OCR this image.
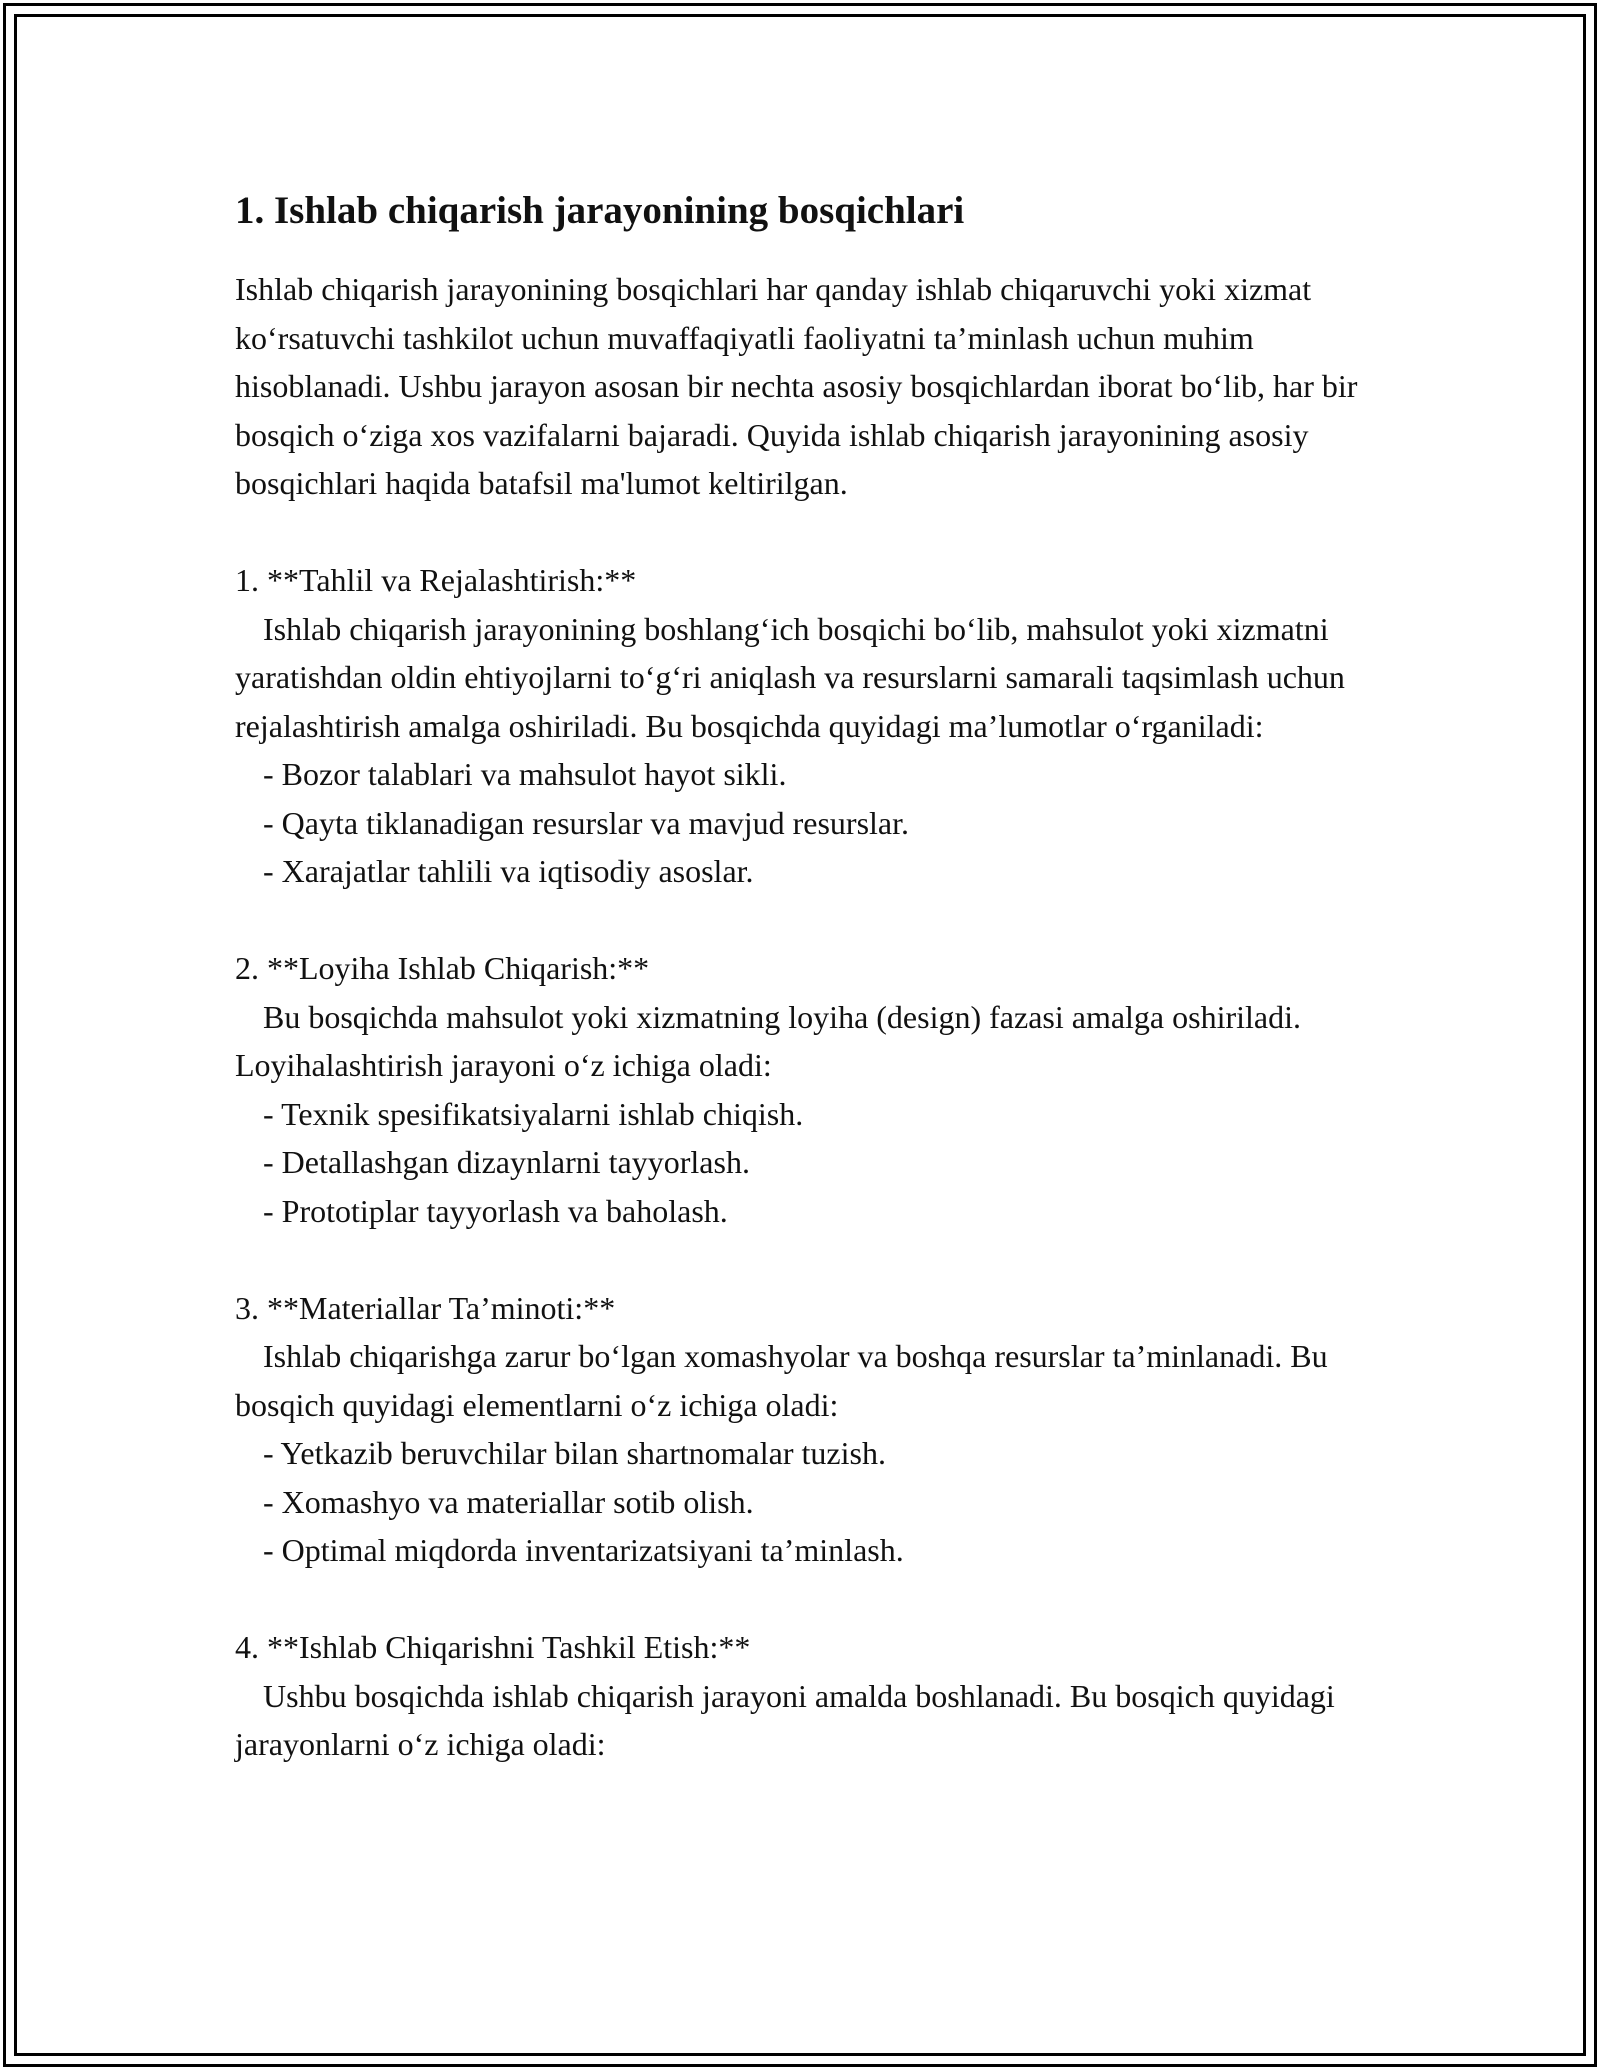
1. Ishlab chiqarish jarayonining bosqichlari

Ishlab chiqarish jarayonining bosqichlari har qanday ishlab chiqaruvchi yoki xizmat ko‘rsatuvchi tashkilot uchun muvaffaqiyatli faoliyatni ta’minlash uchun muhim hisoblanadi. Ushbu jarayon asosan bir nechta asosiy bosqichlardan iborat bo‘lib, har bir bosqich o‘ziga xos vazifalarni bajaradi. Quyida ishlab chiqarish jarayonining asosiy bosqichlari haqida batafsil ma'lumot keltirilgan.

1. **Tahlil va Rejalashtirish:**

Ishlab chiqarish jarayonining boshlang‘ich bosqichi bo‘lib, mahsulot yoki xizmatni yaratishdan oldin ehtiyojlarni to‘g‘ri aniqlash va resurslarni samarali taqsimlash uchun rejalashtirish amalga oshiriladi. Bu bosqichda quyidagi ma’lumotlar o‘rganiladi:

- Bozor talablari va mahsulot hayot sikli.

- Qayta tiklanadigan resurslar va mavjud resurslar.

- Xarajatlar tahlili va iqtisodiy asoslar.

2. **Loyiha Ishlab Chiqarish:**

Bu bosqichda mahsulot yoki xizmatning loyiha (design) fazasi amalga oshiriladi. Loyihalashtirish jarayoni o‘z ichiga oladi:

- Texnik spesifikatsiyalarni ishlab chiqish.

- Detallashgan dizaynlarni tayyorlash.

- Prototiplar tayyorlash va baholash.

3. **Materiallar Ta’minoti:**

Ishlab chiqarishga zarur bo‘lgan xomashyolar va boshqa resurslar ta’minlanadi. Bu bosqich quyidagi elementlarni o‘z ichiga oladi:

- Yetkazib beruvchilar bilan shartnomalar tuzish.

- Xomashyo va materiallar sotib olish.

- Optimal miqdorda inventarizatsiyani ta’minlash.

4. **Ishlab Chiqarishni Tashkil Etish:**

Ushbu bosqichda ishlab chiqarish jarayoni amalda boshlanadi. Bu bosqich quyidagi jarayonlarni o‘z ichiga oladi:
